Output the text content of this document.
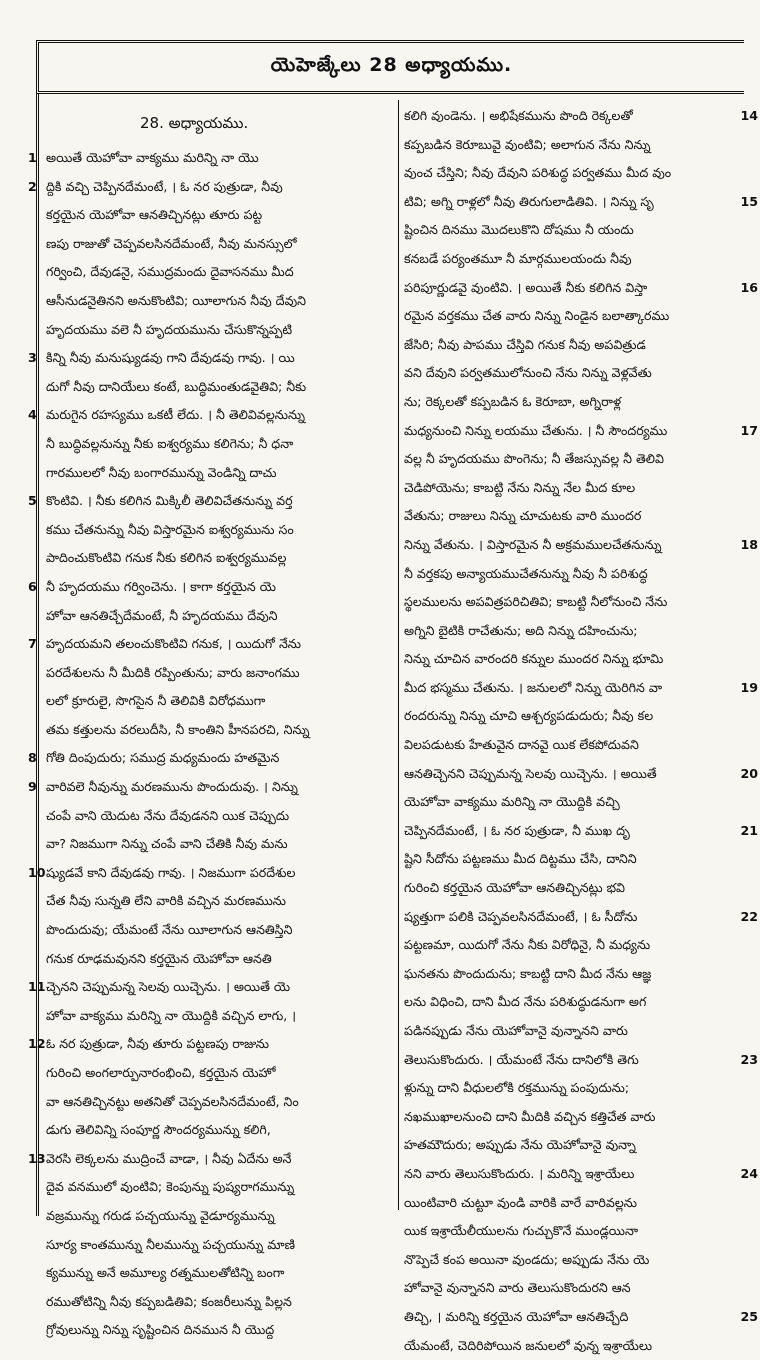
యెహెజ్కేలు 28 అధ్యాయము.
28. అధ్యాయము.
1 అయితే యెహోవా వాక్యము మరిన్ని నా యొ
2 ద్దికి వచ్చి చెప్పినదేమంటే, । ఓ నర పుత్రుడా, నీవు
కర్తయైన యెహోవా ఆనతిచ్చినట్లు తూరు పట్ట
ణపు రాజుతో చెప్పవలసినదేమంటే, నీవు మనస్సులో
గర్వించి, దేవుడనై, సముద్రమందు దైవాసనము మీద
ఆసీనుడనైతినని అనుకొంటివి; యీలాగున నీవు దేవుని
హృదయము వలె నీ హృదయమును చేసుకొన్నప్పటి
3 కిన్ని నీవు మనుష్యుడవు గాని దేవుడవు గావు. । యి
దుగో నీవు దానియేలు కంటే, బుద్ధిమంతుడవైతివి; నీకు
4 మరుగైన రహస్యము ఒకటీ లేదు. । నీ తెలివివల్లనున్ను
నీ బుద్ధివల్లనున్ను నీకు ఐశ్వర్యము కలిగెను; నీ ధనా
గారములలో నీవు బంగారమున్ను వెండిన్ని దాచు
5 కొంటివి. । నీకు కలిగిన మిక్కిలీ తెలివిచేతనున్ను వర్త
కము చేతనున్ను నీవు విస్తారమైన ఐశ్వర్యమును సం
పాదించుకొంటివి గనుక నీకు కలిగిన ఐశ్వర్యమువల్ల
6 నీ హృదయము గర్వించెను. । కాగా కర్తయైన యె
హోవా ఆనతిచ్చేదేమంటే, నీ హృదయము దేవుని
7 హృదయమని తలంచుకొంటివి గనుక, । యిదుగో నేను
పరదేశులను నీ మీదికి రప్పింతును; వారు జనాంగము
లలో క్రూరులై, సొగసైన నీ తెలివికి విరోధముగా
తమ కత్తులను వరలుదీసి, నీ కాంతిని హీనపరచి, నిన్ను
8 గోతి దింపుదురు; సముద్ర మధ్యమందు హతమైన
9 వారివలె నీవున్ను మరణమును పొందుదువు. । నిన్ను
చంపే వాని యెదుట నేను దేవుడనని యిక చెప్పుదు
వా? నిజముగా నిన్ను చంపే వాని చేతికి నీవు మను
10ష్యుడవే కాని దేవుడవు గావు. । నిజముగా పరదేశుల
చేత నీవు సున్నతి లేని వారికి వచ్చిన మరణమును
పొందుదువు; యేమంటే నేను యీలాగున ఆనతిస్తిని
గనుక రూఢమవునని కర్తయైన యెహోవా ఆనతి
11చ్చెనని చెప్పుమన్న సెలవు యిచ్చెను. । అయితే యె
హోవా వాక్యము మరిన్ని నా యొద్దికి వచ్చిన లాగు, ।
12ఓ నర పుత్రుడా, నీవు తూరు పట్టణపు రాజును
గురించి అంగలార్పునారంభించి, కర్తయైన యెహో
వా ఆనతిచ్చినట్టు అతనితో చెప్పవలసినదేమంటే, నిం
డుగు తెలివిన్ని సంపూర్ణ సౌందర్యమున్ను కలిగి,
13వెరసి లెక్కలను ముద్రించే వాడా, । నీవు ఏదేను అనే
దైవ వనములో వుంటివి; కెంపున్ను పుష్యరాగమున్ను
వజ్రమున్ను గరుడ పచ్చయున్ను వైడూర్యమున్ను
సూర్య కాంతమున్ను నీలమున్ను పచ్చయున్ను మాణి
క్యమున్ను అనే అమూల్య రత్నములతోటిన్ని బంగా
రముతోటిన్ని నీవు కప్పబడితివి; కంజరీలున్ను పిల్లన
గ్రోవులున్ను నిన్ను సృష్టించిన దినమున నీ యొద్ద
కలిగి వుండెను. । అభిషేకమును పొంది రెక్కలతో	14
కప్పబడిన కెరూబువై వుంటివి; అలాగున నేను నిన్ను
వుంచ చేస్తిని; నీవు దేవుని పరిశుద్ధ పర్వతము మీద వుం
టివి; అగ్ని రాళ్లలో నీవు తిరుగులాడితివి. । నిన్ను సృ	15
ష్టించిన దినము మొదలుకొని దోషము నీ యందు
కనబడే పర్యంతమూ నీ మార్గములయందు నీవు
పరిపూర్ణుడవై వుంటివి. । అయితే నీకు కలిగిన విస్తా	16
రమైన వర్తకము చేత వారు నిన్ను నిండైన బలాత్కారము
జేసిరి; నీవు పాపము చేస్తివి గనుక నీవు అపవిత్రుడ
వని దేవుని పర్వతములోనుంచి నేను నిన్ను వెళ్లవేతు
ను; రెక్కలతో కప్పబడిన ఓ కెరూబా, అగ్నిరాళ్ల
మధ్యనుంచి నిన్ను లయము చేతును. । నీ సౌందర్యము	17
వల్ల నీ హృదయము పొంగెను; నీ తేజస్సువల్ల నీ తెలివి
చెడిపోయెను; కాబట్టి నేను నిన్ను నేల మీద కూల
వేతును; రాజులు నిన్ను చూచుటకు వారి ముందర
నిన్ను వేతును. । విస్తారమైన నీ అక్రమములచేతనున్ను	18
నీ వర్తకపు అన్యాయముచేతనున్ను నీవు నీ పరిశుద్ధ
స్థలములను అపవిత్రపరిచితివి; కాబట్టి నీలోనుంచి నేను
అగ్నిని బైటికి రాచేతును; అది నిన్ను దహించును;
నిన్ను చూచిన వారందరి కన్నుల ముందర నిన్ను భూమి
మీద భస్మము చేతును. । జనులలో నిన్ను యెరిగిన వా	19
రందరున్ను నిన్ను చూచి ఆశ్చర్యపడుదురు; నీవు కల
విలపడుటకు హేతువైన దానవై యిక లేకపోదువని
ఆనతిచ్చెనని చెప్పుమన్న సెలవు యిచ్చెను. । అయితే	20
యెహోవా వాక్యము మరిన్ని నా యొద్దికి వచ్చి
చెప్పినదేమంటే, । ఓ నర పుత్రుడా, నీ ముఖ దృ	21
ష్టిని సీదోను పట్టణము మీద దిట్టము చేసి, దానిని
గురించి కర్తయైన యెహోవా ఆనతిచ్చినట్లు భవి
ష్యత్తుగా పలికి చెప్పవలసినదేమంటే, । ఓ సీదోను	22
పట్టణమా, యిదుగో నేను నీకు విరోధినై, నీ మధ్యను
ఘనతను పొందుదును; కాబట్టి దాని మీద నేను ఆజ్ఞ
లను విధించి, దాని మీద నేను పరిశుద్ధుడనుగా అగ
పడినప్పుడు నేను యెహోవానై వున్నానని వారు
తెలుసుకొందురు. । యేమంటే నేను దానిలోకి తెగు	23
ళ్లున్ను దాని వీధులలోకి రక్తమున్ను పంపుదును;
నఖముఖాలనుంచి దాని మీదికి వచ్చిన కత్తిచేత వారు
హతమౌదురు; అప్పుడు నేను యెహోవానై వున్నా
నని వారు తెలుసుకొందురు. । మరిన్ని ఇశ్రాయేలు	24
యింటివారి చుట్టూ వుండి వారికి వారే వారివల్లను
యిక ఇశ్రాయేలీయులను గుచ్చుకొనే ముండ్లయినా
నొప్పెచే కంప అయినా వుండదు; అప్పుడు నేను యె
హోవానై వున్నానని వారు తెలుసుకొందురని ఆన
తిచ్చి, । మరిన్ని కర్తయైన యెహోవా ఆనతిచ్చేది	25
యేమంటే, చెదిరిపోయిన జనులలో వున్న ఇశ్రాయేలు
